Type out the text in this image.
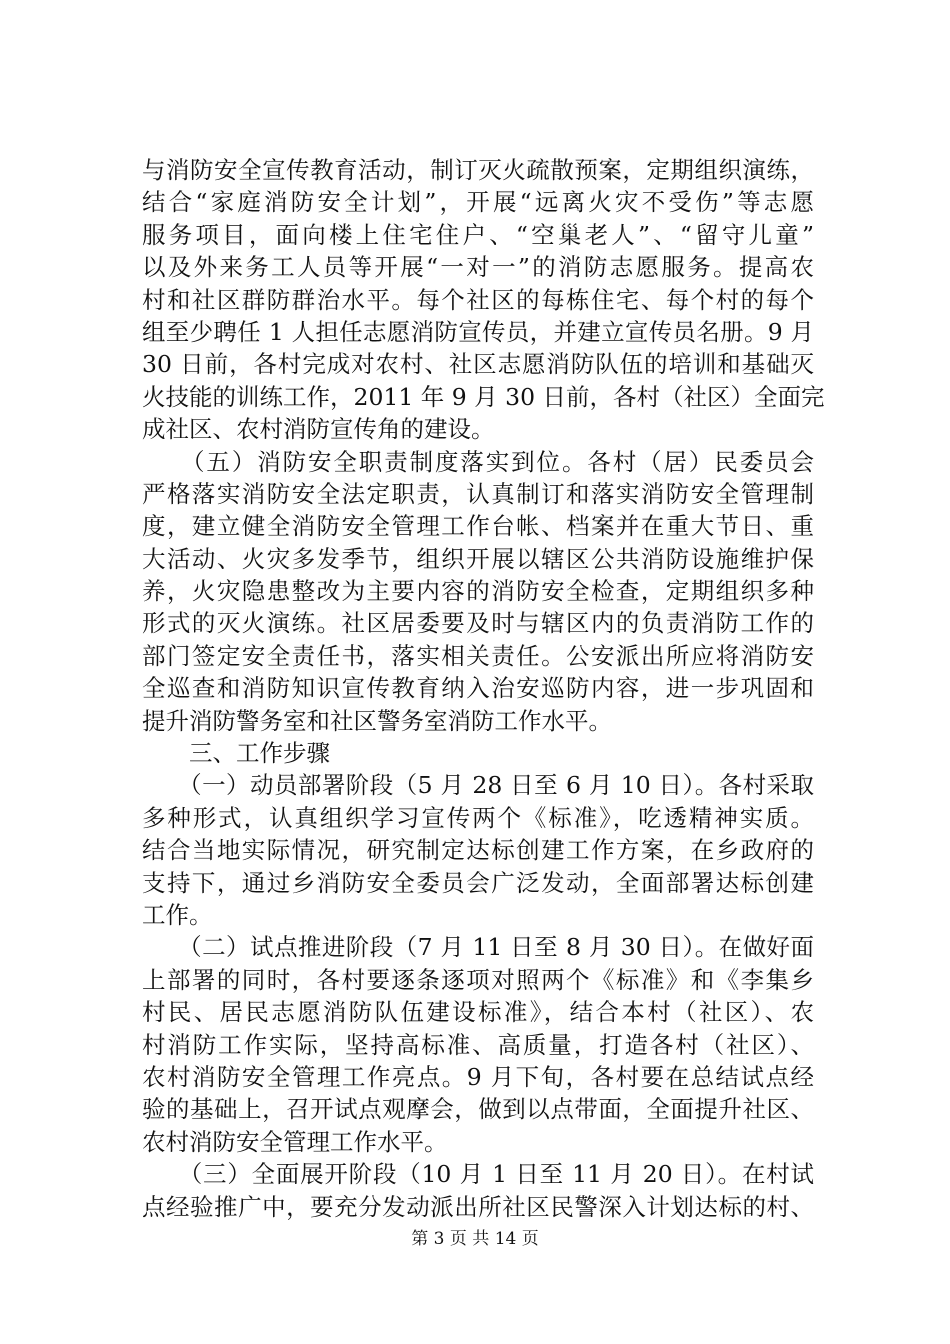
与消防安全宣传教育活动，制订灭火疏散预案，定期组织演练，
结合“家庭消防安全计划”，开展“远离火灾不受伤”等志愿
服务项目，面向楼上住宅住户、“空巢老人”、“留守儿童”
以及外来务工人员等开展“一对一”的消防志愿服务。提高农
村和社区群防群治水平。每个社区的每栋住宅、每个村的每个
组至少聘任 1 人担任志愿消防宣传员，并建立宣传员名册。9 月
30 日前，各村完成对农村、社区志愿消防队伍的培训和基础灭
火技能的训练工作，2011 年 9 月 30 日前，各村（社区）全面完
成社区、农村消防宣传角的建设。
　　（五）消防安全职责制度落实到位。各村（居）民委员会
严格落实消防安全法定职责，认真制订和落实消防安全管理制
度，建立健全消防安全管理工作台帐、档案并在重大节日、重
大活动、火灾多发季节，组织开展以辖区公共消防设施维护保
养，火灾隐患整改为主要内容的消防安全检查，定期组织多种
形式的灭火演练。社区居委要及时与辖区内的负责消防工作的
部门签定安全责任书，落实相关责任。公安派出所应将消防安
全巡查和消防知识宣传教育纳入治安巡防内容，进一步巩固和
提升消防警务室和社区警务室消防工作水平。
　　三、工作步骤
　　（一）动员部署阶段（5 月 28 日至 6 月 10 日）。各村采取
多种形式，认真组织学习宣传两个《标准》，吃透精神实质。
结合当地实际情况，研究制定达标创建工作方案，在乡政府的
支持下，通过乡消防安全委员会广泛发动，全面部署达标创建
工作。
　　（二）试点推进阶段（7 月 11 日至 8 月 30 日）。在做好面
上部署的同时，各村要逐条逐项对照两个《标准》和《李集乡
村民、居民志愿消防队伍建设标准》，结合本村（社区）、农
村消防工作实际，坚持高标准、高质量，打造各村（社区）、
农村消防安全管理工作亮点。9 月下旬，各村要在总结试点经
验的基础上，召开试点观摩会，做到以点带面，全面提升社区、
农村消防安全管理工作水平。
　　（三）全面展开阶段（10 月 1 日至 11 月 20 日）。在村试
点经验推广中，要充分发动派出所社区民警深入计划达标的村、
第 3 页 共 14 页
